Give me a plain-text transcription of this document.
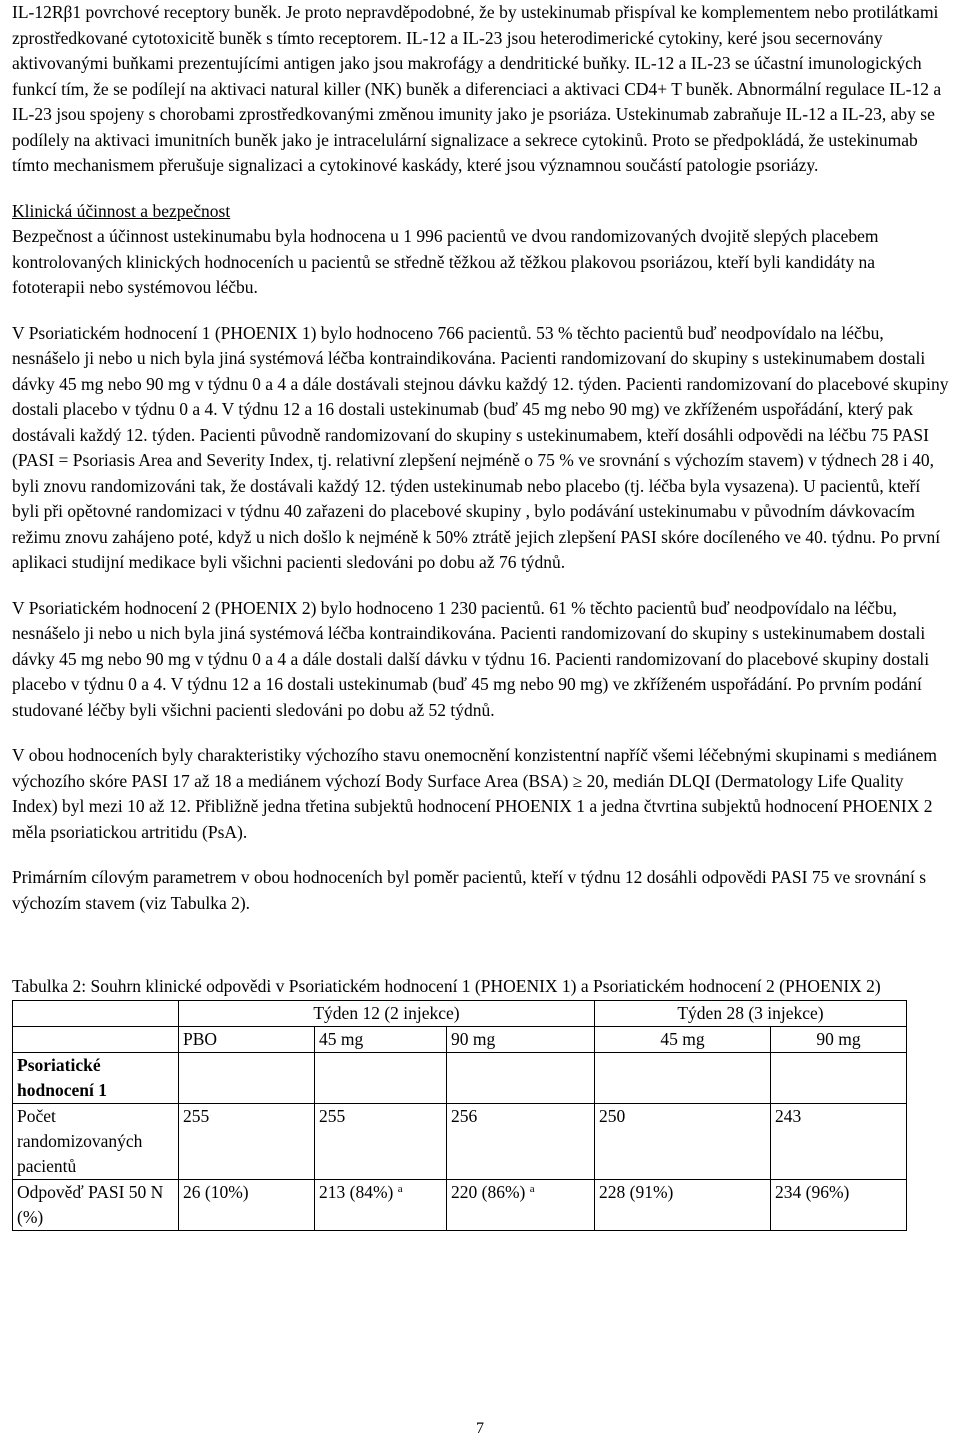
IL-12Rβ1 povrchové receptory buněk. Je proto nepravděpodobné, že by ustekinumab přispíval ke komplementem nebo protilátkami zprostředkované cytotoxicitě buněk s tímto receptorem. IL-12 a IL-23 jsou heterodimerické cytokiny, keré jsou secernovány aktivovanými buňkami prezentujícími antigen jako jsou makrofágy a dendritické buňky. IL-12 a IL-23 se účastní imunologických funkcí tím, že se podílejí na aktivaci natural killer (NK) buněk a diferenciaci a aktivaci CD4+ T buněk. Abnormální regulace IL-12 a IL-23 jsou spojeny s chorobami zprostředkovanými změnou imunity jako je psoriáza. Ustekinumab zabraňuje IL-12 a IL-23, aby se podílely na aktivaci imunitních buněk jako je intracelulární signalizace a sekrece cytokinů. Proto se předpokládá, že ustekinumab tímto mechanismem přerušuje signalizaci a cytokinové kaskády, které jsou významnou součástí patologie psoriázy.

Klinická účinnost a bezpečnost

Bezpečnost a účinnost ustekinumabu byla hodnocena u 1 996 pacientů ve dvou randomizovaných dvojitě slepých placebem kontrolovaných klinických hodnoceních u pacientů se středně těžkou až těžkou plakovou psoriázou, kteří byli kandidáty na fototerapii nebo systémovou léčbu.

V Psoriatickém hodnocení 1 (PHOENIX 1) bylo hodnoceno 766 pacientů. 53 % těchto pacientů buď neodpovídalo na léčbu, nesnášelo ji nebo u nich byla jiná systémová léčba kontraindikována. Pacienti randomizovaní do skupiny s ustekinumabem dostali dávky 45 mg nebo 90 mg v týdnu 0 a 4 a dále dostávali stejnou dávku každý 12. týden. Pacienti randomizovaní do placebové skupiny dostali placebo v týdnu 0 a 4. V týdnu 12 a 16 dostali ustekinumab (buď 45 mg nebo 90 mg) ve zkříženém uspořádání, který pak dostávali každý 12. týden. Pacienti původně randomizovaní do skupiny s ustekinumabem, kteří dosáhli odpovědi na léčbu 75 PASI (PASI = Psoriasis Area and Severity Index, tj. relativní zlepšení nejméně o 75 % ve srovnání s výchozím stavem) v týdnech 28 i 40, byli znovu randomizováni tak, že dostávali každý 12. týden ustekinumab nebo placebo (tj. léčba byla vysazena). U pacientů, kteří byli při opětovné randomizaci v týdnu 40 zařazeni do placebové skupiny , bylo podávání ustekinumabu v původním dávkovacím režimu znovu zahájeno poté, když u nich došlo k nejméně k 50% ztrátě jejich zlepšení PASI skóre docíleného ve 40. týdnu. Po první aplikaci studijní medikace byli všichni pacienti sledováni po dobu až 76 týdnů.

V Psoriatickém hodnocení 2 (PHOENIX 2) bylo hodnoceno 1 230 pacientů. 61 % těchto pacientů buď neodpovídalo na léčbu, nesnášelo ji nebo u nich byla jiná systémová léčba kontraindikována. Pacienti randomizovaní do skupiny s ustekinumabem dostali dávky 45 mg nebo 90 mg v týdnu 0 a 4 a dále dostali další dávku v týdnu 16. Pacienti randomizovaní do placebové skupiny dostali placebo v týdnu 0 a 4. V týdnu 12 a 16 dostali ustekinumab (buď 45 mg nebo 90 mg) ve zkříženém uspořádání. Po prvním podání studované léčby byli všichni pacienti sledováni po dobu až 52 týdnů.

V obou hodnoceních byly charakteristiky výchozího stavu onemocnění konzistentní napříč všemi léčebnými skupinami s mediánem výchozího skóre PASI 17 až 18 a mediánem výchozí Body Surface Area (BSA) ≥ 20, medián DLQI (Dermatology Life Quality Index) byl mezi 10 až 12. Přibližně jedna třetina subjektů hodnocení PHOENIX 1 a jedna čtvrtina subjektů hodnocení PHOENIX 2 měla psoriatickou artritidu (PsA).

Primárním cílovým parametrem v obou hodnoceních byl poměr pacientů, kteří v týdnu 12 dosáhli odpovědi PASI 75 ve srovnání s výchozím stavem (viz Tabulka 2).

Tabulka 2: Souhrn klinické odpovědi v Psoriatickém hodnocení 1 (PHOENIX 1) a Psoriatickém hodnocení 2 (PHOENIX 2)

	Týden 12 (2 injekce)			Týden 28 (3 injekce)	
	PBO	45 mg	90 mg	45 mg	90 mg
Psoriatické hodnocení 1					
Počet randomizovaných pacientů	255	255	256	250	243
Odpověď PASI 50 N (%)	26 (10%)	213 (84%) $^a$	220 (86%) $^a$	228 (91%)	234 (96%)
7
